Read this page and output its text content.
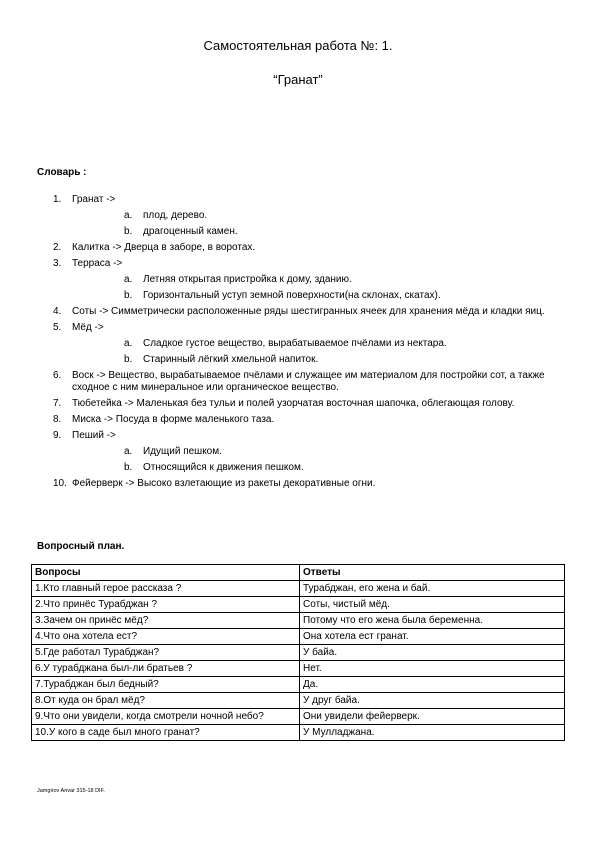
Самостоятельная работа №: 1.
“Гранат”
Словарь :
1. Гранат ->
a. плод, дерево.
b. драгоценный камен.
2. Калитка -> Дверца в заборе, в воротах.
3. Терраса ->
a. Летняя открытая пристройка к дому, зданию.
b. Горизонтальный уступ земной поверхности(на склонах, скатах).
4. Соты -> Симметрически расположенные ряды шестигранных ячеек для хранения мёда и кладки яиц.
5. Мёд ->
a. Сладкое густое вещество, вырабатываемое пчёлами из нектара.
b. Старинный лёгкий хмельной напиток.
6. Воск -> Вещество, вырабатываемое пчёлами и служащее им материалом для постройки сот, а также сходное с ним минеральное или органическое вещество.
7. Тюбетейка -> Маленькая без тульи и полей узорчатая восточная шапочка, облегающая голову.
8. Миска -> Посуда в форме маленького таза.
9. Пеший ->
a. Идущий пешком.
b. Относящийся к движения пешком.
10. Фейерверк -> Высоко взлетающие из ракеты декоративные огни.
Вопросный план.
Вопросы	Ответы
1.Кто главный герое рассказа ?	Турабджан, его жена и бай.
2.Что принёс Турабджан ?	Соты, чистый мёд.
3.Зачем он принёс мёд?	Потому что его жена была беременна.
4.Что она хотела ест?	Она хотела ест гранат.
5.Где работал Турабджан?	У байа.
6.У турабджана был-ли братьев ?	Нет.
7.Турабджан был бедный?	Да.
8.От куда он брал мёд?	У друг байа.
9.Что они увидели, когда смотрели ночной небо?	Они увидели фейерверк.
10.У кого в саде был много гранат?	У Мулладжана.
Jamgirov Anvar 315-18 DIF.
